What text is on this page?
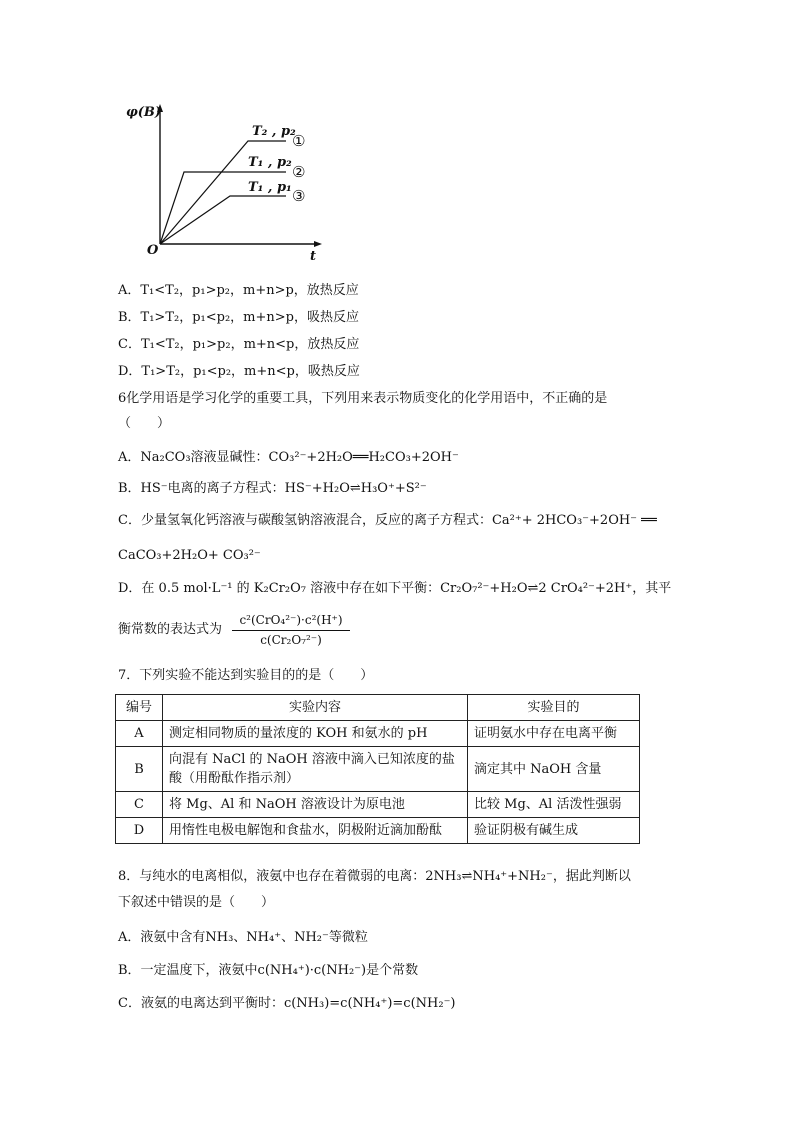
φ(B)
t
O
T₂ , p₂
T₁ , p₂
T₁ , p₁
①
②
③
A．T₁<T₂，p₁>p₂，m+n>p，放热反应
B．T₁>T₂，p₁<p₂，m+n>p，吸热反应
C．T₁<T₂，p₁>p₂，m+n<p，放热反应
D．T₁>T₂，p₁<p₂，m+n<p，吸热反应
6化学用语是学习化学的重要工具，下列用来表示物质变化的化学用语中，不正确的是
（　　）
A．Na₂CO₃溶液显碱性：CO₃²⁻+2H₂O══H₂CO₃+2OH⁻
B．HS⁻电离的离子方程式：HS⁻+H₂O⇌H₃O⁺+S²⁻
C．少量氢氧化钙溶液与碳酸氢钠溶液混合，反应的离子方程式：Ca²⁺+ 2HCO₃⁻+2OH⁻ ══
CaCO₃+2H₂O+ CO₃²⁻
D．在 0.5 mol·L⁻¹ 的 K₂Cr₂O₇ 溶液中存在如下平衡：Cr₂O₇²⁻+H₂O⇌2 CrO₄²⁻+2H⁺，其平
衡常数的表达式为
c²(CrO₄²⁻)·c²(H⁺)
c(Cr₂O₇²⁻)
7．下列实验不能达到实验目的的是（　　）
编号	实验内容	实验目的
A	测定相同物质的量浓度的 KOH 和氨水的 pH	证明氨水中存在电离平衡
B	向混有 NaCl 的 NaOH 溶液中滴入已知浓度的盐酸（用酚酞作指示剂）	滴定其中 NaOH 含量
C	将 Mg、Al 和 NaOH 溶液设计为原电池	比较 Mg、Al 活泼性强弱
D	用惰性电极电解饱和食盐水，阴极附近滴加酚酞	验证阴极有碱生成
8．与纯水的电离相似，液氨中也存在着微弱的电离：2NH₃⇌NH₄⁺+NH₂⁻，据此判断以
下叙述中错误的是（　　）
A．液氨中含有NH₃、NH₄⁺、NH₂⁻等微粒
B．一定温度下，液氨中c(NH₄⁺)·c(NH₂⁻)是个常数
C．液氨的电离达到平衡时：c(NH₃)=c(NH₄⁺)=c(NH₂⁻)
